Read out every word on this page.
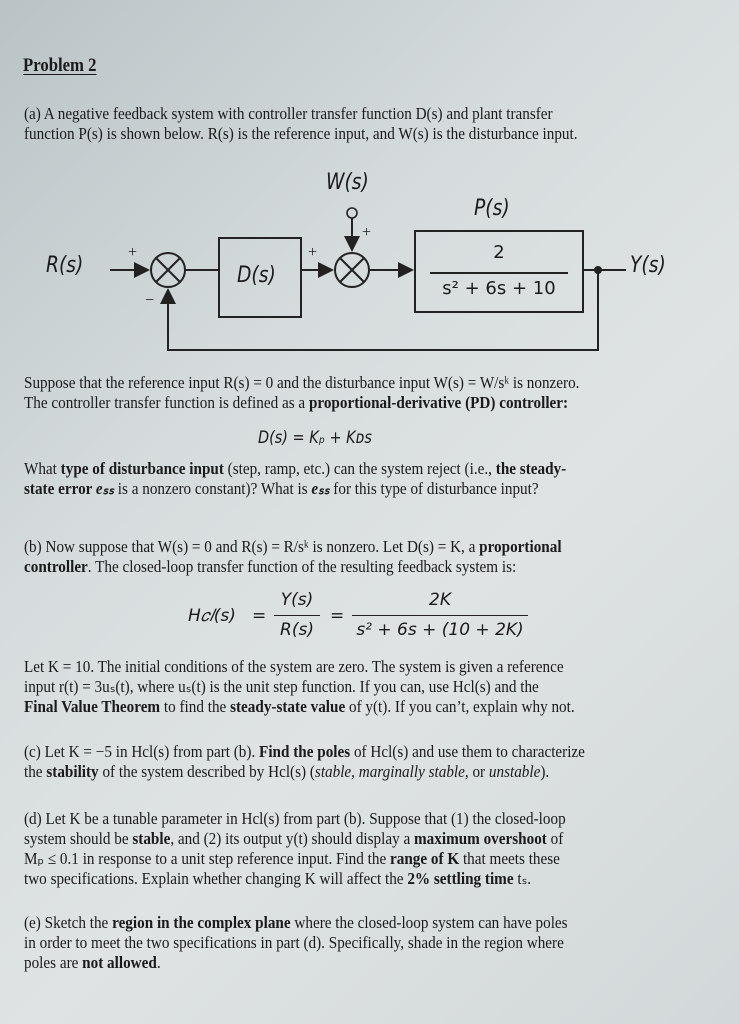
Problem 2
(a) A negative feedback system with controller transfer function D(s) and plant transfer
function P(s) is shown below. R(s) is the reference input, and W(s) is the disturbance input.
R(s)
+
−
D(s)
+
+
W(s)
P(s)
2
s² + 6s + 10
Y(s)
Suppose that the reference input R(s) = 0 and the disturbance input W(s) = W/sᵏ is nonzero.
The controller transfer function is defined as a proportional-derivative (PD) controller:
D(s) = Kₚ + Kᴅs
What type of disturbance input (step, ramp, etc.) can the system reject (i.e., the steady-
state error eₛₛ is a nonzero constant)? What is eₛₛ for this type of disturbance input?
(b) Now suppose that W(s) = 0 and R(s) = R/sᵏ is nonzero. Let D(s) = K, a proportional
controller. The closed-loop transfer function of the resulting feedback system is:
H𝑐𝑙(s) =
Y(s)
R(s)
=
2K
s² + 6s + (10 + 2K)
Let K = 10. The initial conditions of the system are zero. The system is given a reference
input r(t) = 3uₛ(t), where uₛ(t) is the unit step function. If you can, use Hcl(s) and the
Final Value Theorem to find the steady-state value of y(t). If you can’t, explain why not.
(c) Let K = −5 in Hcl(s) from part (b). Find the poles of Hcl(s) and use them to characterize
the stability of the system described by Hcl(s) (stable, marginally stable, or unstable).
(d) Let K be a tunable parameter in Hcl(s) from part (b). Suppose that (1) the closed-loop
system should be stable, and (2) its output y(t) should display a maximum overshoot of
Mₚ ≤ 0.1 in response to a unit step reference input. Find the range of K that meets these
two specifications. Explain whether changing K will affect the 2% settling time tₛ.
(e) Sketch the region in the complex plane where the closed-loop system can have poles
in order to meet the two specifications in part (d). Specifically, shade in the region where
poles are not allowed.
